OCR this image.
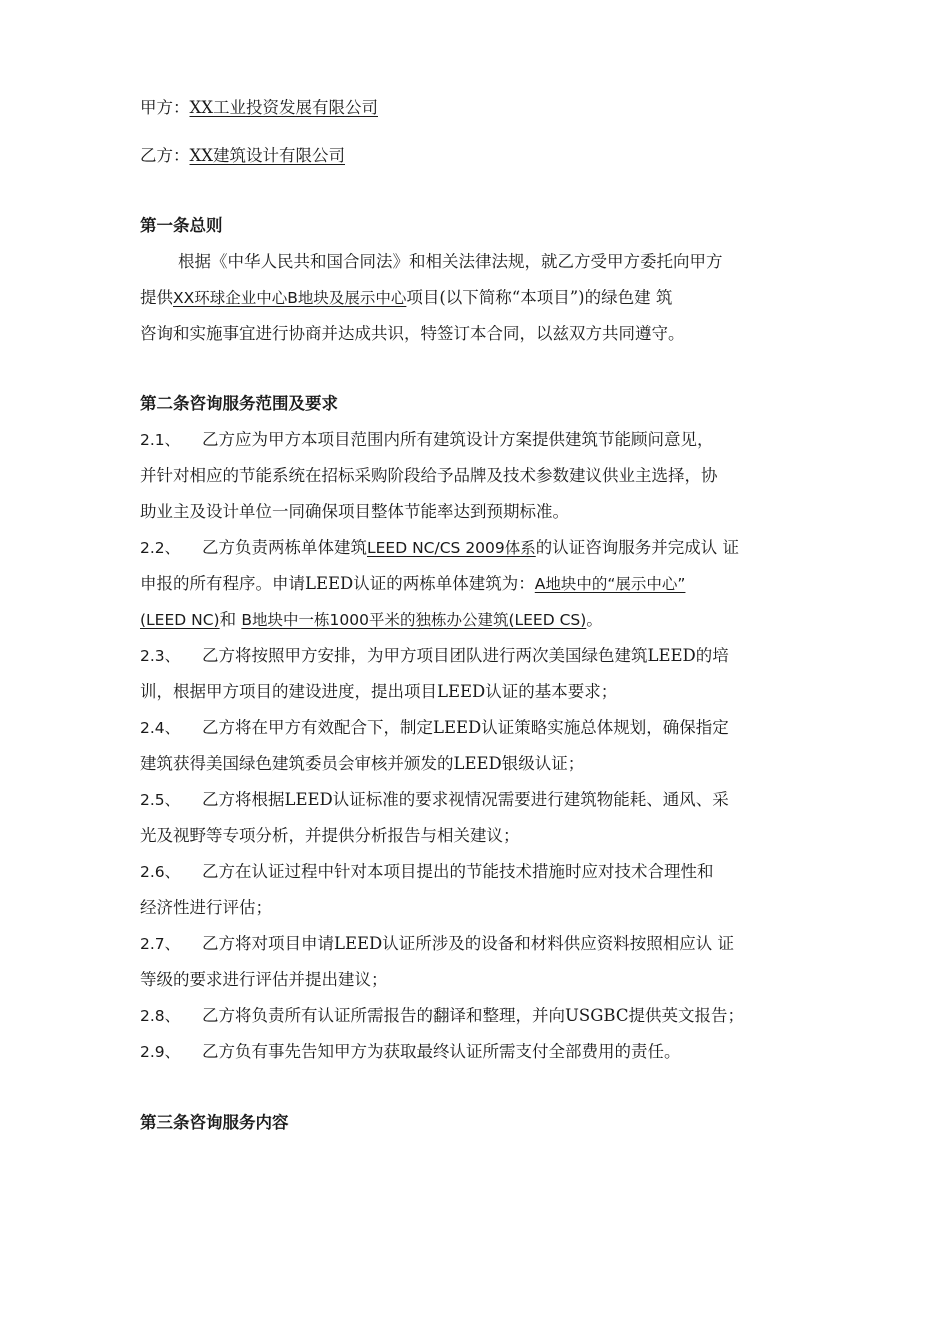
甲方：XX工业投资发展有限公司
乙方：XX建筑设计有限公司
第一条总则
根据《中华人民共和国合同法》和相关法律法规，就乙方受甲方委托向甲方
提供XX环球企业中心B地块及展示中心项目(以下简称“本项目”)的绿色建 筑
咨询和实施事宜进行协商并达成共识，特签订本合同，以兹双方共同遵守。
第二条咨询服务范围及要求
2.1、 乙方应为甲方本项目范围内所有建筑设计方案提供建筑节能顾问意见，
并针对相应的节能系统在招标采购阶段给予品牌及技术参数建议供业主选择，协
助业主及设计单位一同确保项目整体节能率达到预期标准。
2.2、 乙方负责两栋单体建筑LEED NC/CS 2009体系的认证咨询服务并完成认 证
申报的所有程序。申请LEED认证的两栋单体建筑为：A地块中的“展示中心”
(LEED NC)和 B地块中一栋1000平米的独栋办公建筑(LEED CS)。
2.3、 乙方将按照甲方安排，为甲方项目团队进行两次美国绿色建筑LEED的培
训，根据甲方项目的建设进度，提出项目LEED认证的基本要求；
2.4、 乙方将在甲方有效配合下，制定LEED认证策略实施总体规划，确保指定
建筑获得美国绿色建筑委员会审核并颁发的LEED银级认证；
2.5、 乙方将根据LEED认证标准的要求视情况需要进行建筑物能耗、通风、采
光及视野等专项分析，并提供分析报告与相关建议；
2.6、 乙方在认证过程中针对本项目提出的节能技术措施时应对技术合理性和
经济性进行评估；
2.7、 乙方将对项目申请LEED认证所涉及的设备和材料供应资料按照相应认 证
等级的要求进行评估并提出建议；
2.8、 乙方将负责所有认证所需报告的翻译和整理，并向USGBC提供英文报告；
2.9、 乙方负有事先告知甲方为获取最终认证所需支付全部费用的责任。
第三条咨询服务内容
